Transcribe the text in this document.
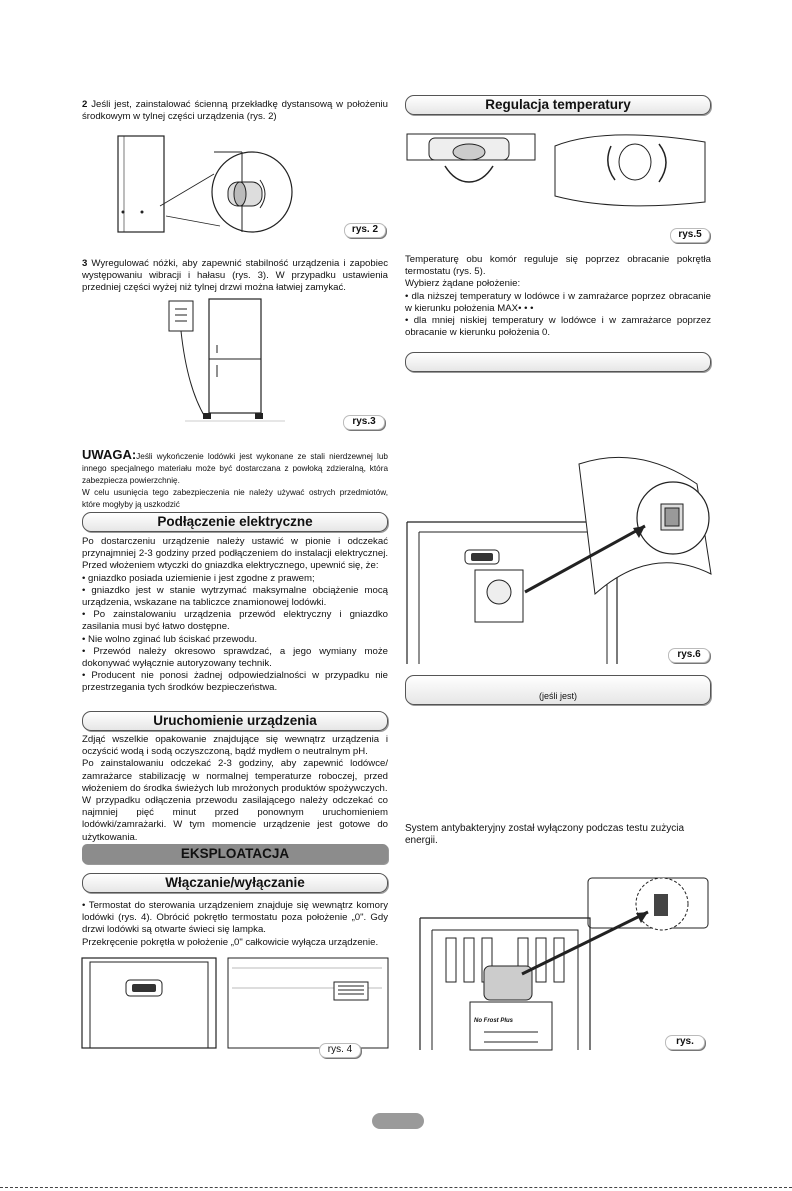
2 Jeśli jest, zainstalować ścienną przekładkę dystansową w położeniu środkowym w tylnej części urządzenia (rys. 2)
rys. 2
3 Wyregulować nóżki, aby zapewnić stabilność urządzenia i zapobiec występowaniu wibracji i hałasu (rys. 3). W przypadku ustawienia przedniej części wyżej niż tylnej drzwi można łatwiej zamykać.
rys.3
UWAGA:Jeśli wykończenie lodówki jest wykonane ze stali nierdzewnej lub innego specjalnego materiału może być dostarczana z powłoką zdzieralną, która zabezpiecza powierzchnię.
W celu usunięcia tego zabezpieczenia nie należy używać ostrych przedmiotów, które mogłyby ją uszkodzić
Podłączenie elektryczne

Po dostarczeniu urządzenie należy ustawić w pionie i odczekać przynajmniej 2-3 godziny przed podłączeniem do instalacji elektrycznej. Przed włożeniem wtyczki do gniazdka elektrycznego, upewnić się, że:

• gniazdko posiada uziemienie i jest zgodne z prawem;

• gniazdko jest w stanie wytrzymać maksymalne obciążenie mocą urządzenia, wskazane na tabliczce znamionowej lodówki.

• Po zainstalowaniu urządzenia przewód elektryczny i gniazdko zasilania musi być łatwo dostępne.

• Nie wolno zginać lub ściskać przewodu.

• Przewód należy okresowo sprawdzać, a jego wymiany może dokonywać wyłącznie autoryzowany technik.

• Producent nie ponosi żadnej odpowiedzialności w przypadku nie przestrzegania tych środków bezpieczeństwa.

Uruchomienie urządzenia

Zdjąć wszelkie opakowanie znajdujące się wewnątrz urządzenia i oczyścić wodą i sodą oczyszczoną, bądź mydłem o neutralnym pH.

Po zainstalowaniu odczekać 2-3 godziny, aby zapewnić lodówce/ zamrażarce stabilizację w normalnej temperaturze roboczej, przed włożeniem do środka świeżych lub mrożonych produktów spożywczych.

W przypadku odłączenia przewodu zasilającego należy odczekać co najmniej pięć minut przed ponownym uruchomieniem lodówki/zamrażarki. W tym momencie urządzenie jest gotowe do użytkowania.

EKSPLOATACJA
Włączanie/wyłączanie

• Termostat do sterowania urządzeniem znajduje się wewnątrz komory lodówki (rys. 4). Obrócić pokrętło termostatu poza położenie „0". Gdy drzwi lodówki są otwarte świeci się lampka.

Przekręcenie pokrętła w położenie „0" całkowicie wyłącza urządzenie.

rys. 4
Regulacja temperatury
rys.5

Temperaturę obu komór reguluje się poprzez obracanie pokrętła termostatu (rys. 5).

Wybierz żądane położenie:

• dla niższej temperatury w lodówce i w zamrażarce poprzez obracanie w kierunku położenia MAX• • •

• dla mniej niskiej temperatury w lodówce i w zamrażarce poprzez obracanie w kierunku położenia 0.

rys.6
(jeśli jest)
System antybakteryjny został wyłączony podczas testu zużycia energii.
No Frost Plus
rys.
